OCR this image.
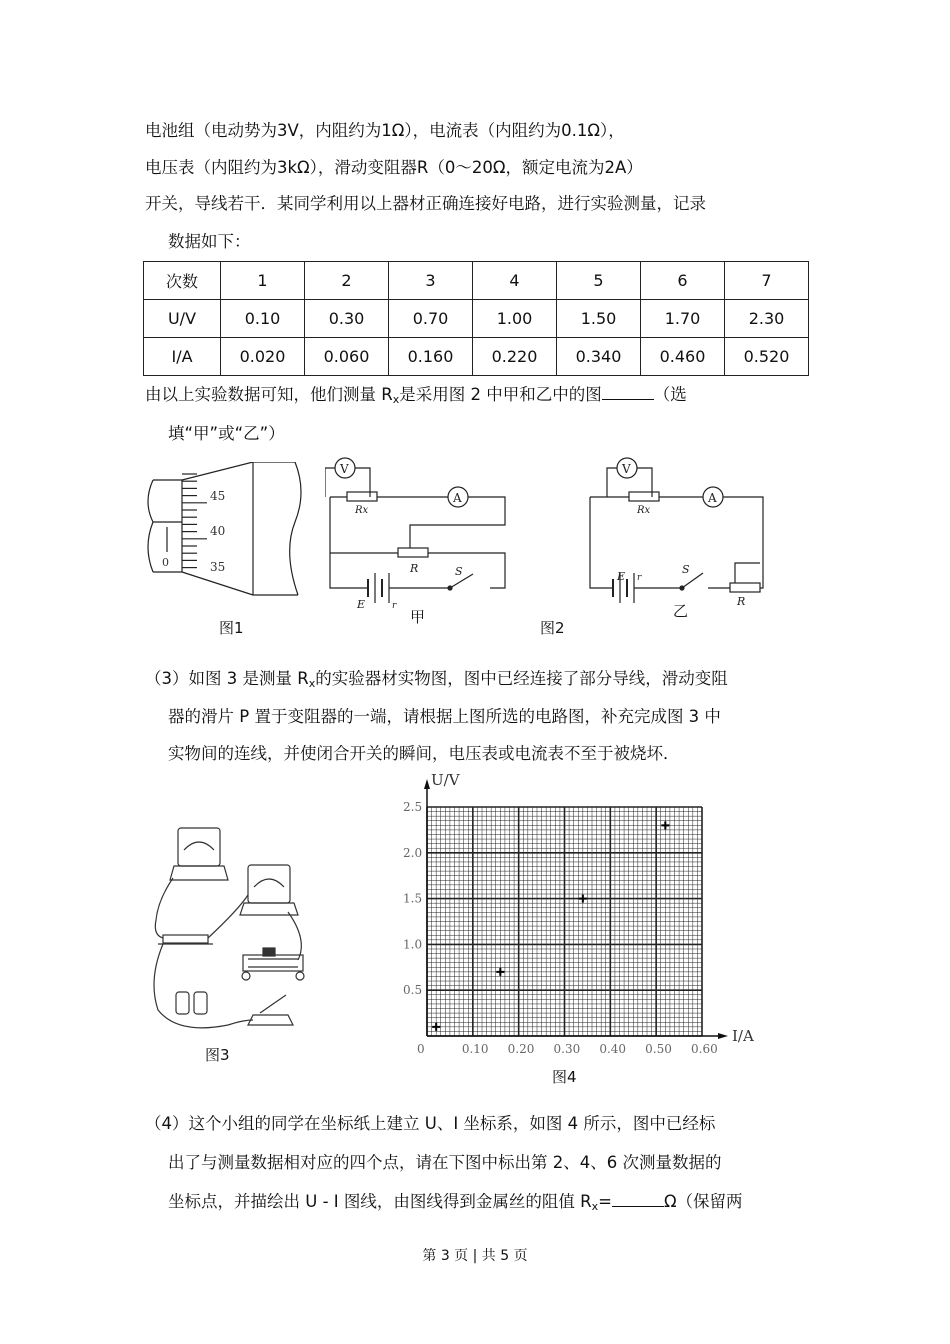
电池组（电动势为3V，内阻约为1Ω），电流表（内阻约为0.1Ω），
电压表（内阻约为3kΩ），滑动变阻器R（0～20Ω，额定电流为2A）
开关，导线若干．某同学利用以上器材正确连接好电路，进行实验测量，记录
数据如下：
次数	1	2	3	4	5	6	7
U/V	0.10	0.30	0.70	1.00	1.50	1.70	2.30
I/A	0.020	0.060	0.160	0.220	0.340	0.460	0.520
由以上实验数据可知，他们测量 $R_x$是采用图 2 中甲和乙中的图	（选
填“甲”或“乙”）
45
40
35
0
图1
V
Rx
A
R	S
E	r
甲
V
Rx
A
E r
S
R
乙
图2
（3）如图 3 是测量 $R_x$的实验器材实物图，图中已经连接了部分导线，滑动变阻
器的滑片 P 置于变阻器的一端，请根据上图所选的电路图，补充完成图 3 中
实物间的连线，并使闭合开关的瞬间，电压表或电流表不至于被烧坏．
图3	0	0.10 0.20 0.30 0.40 0.50 0.60
0.5
1.0
1.5
2.0
2.5
I/A
U/V
图4
（4）这个小组的同学在坐标纸上建立 U、I 坐标系，如图 4 所示，图中已经标
出了与测量数据相对应的四个点，请在下图中标出第 2、4、6 次测量数据的
坐标点，并描绘出 U - I 图线，由图线得到金属丝的阻值 $R_x=$	Ω（保留两
第 3 页 | 共 5 页
